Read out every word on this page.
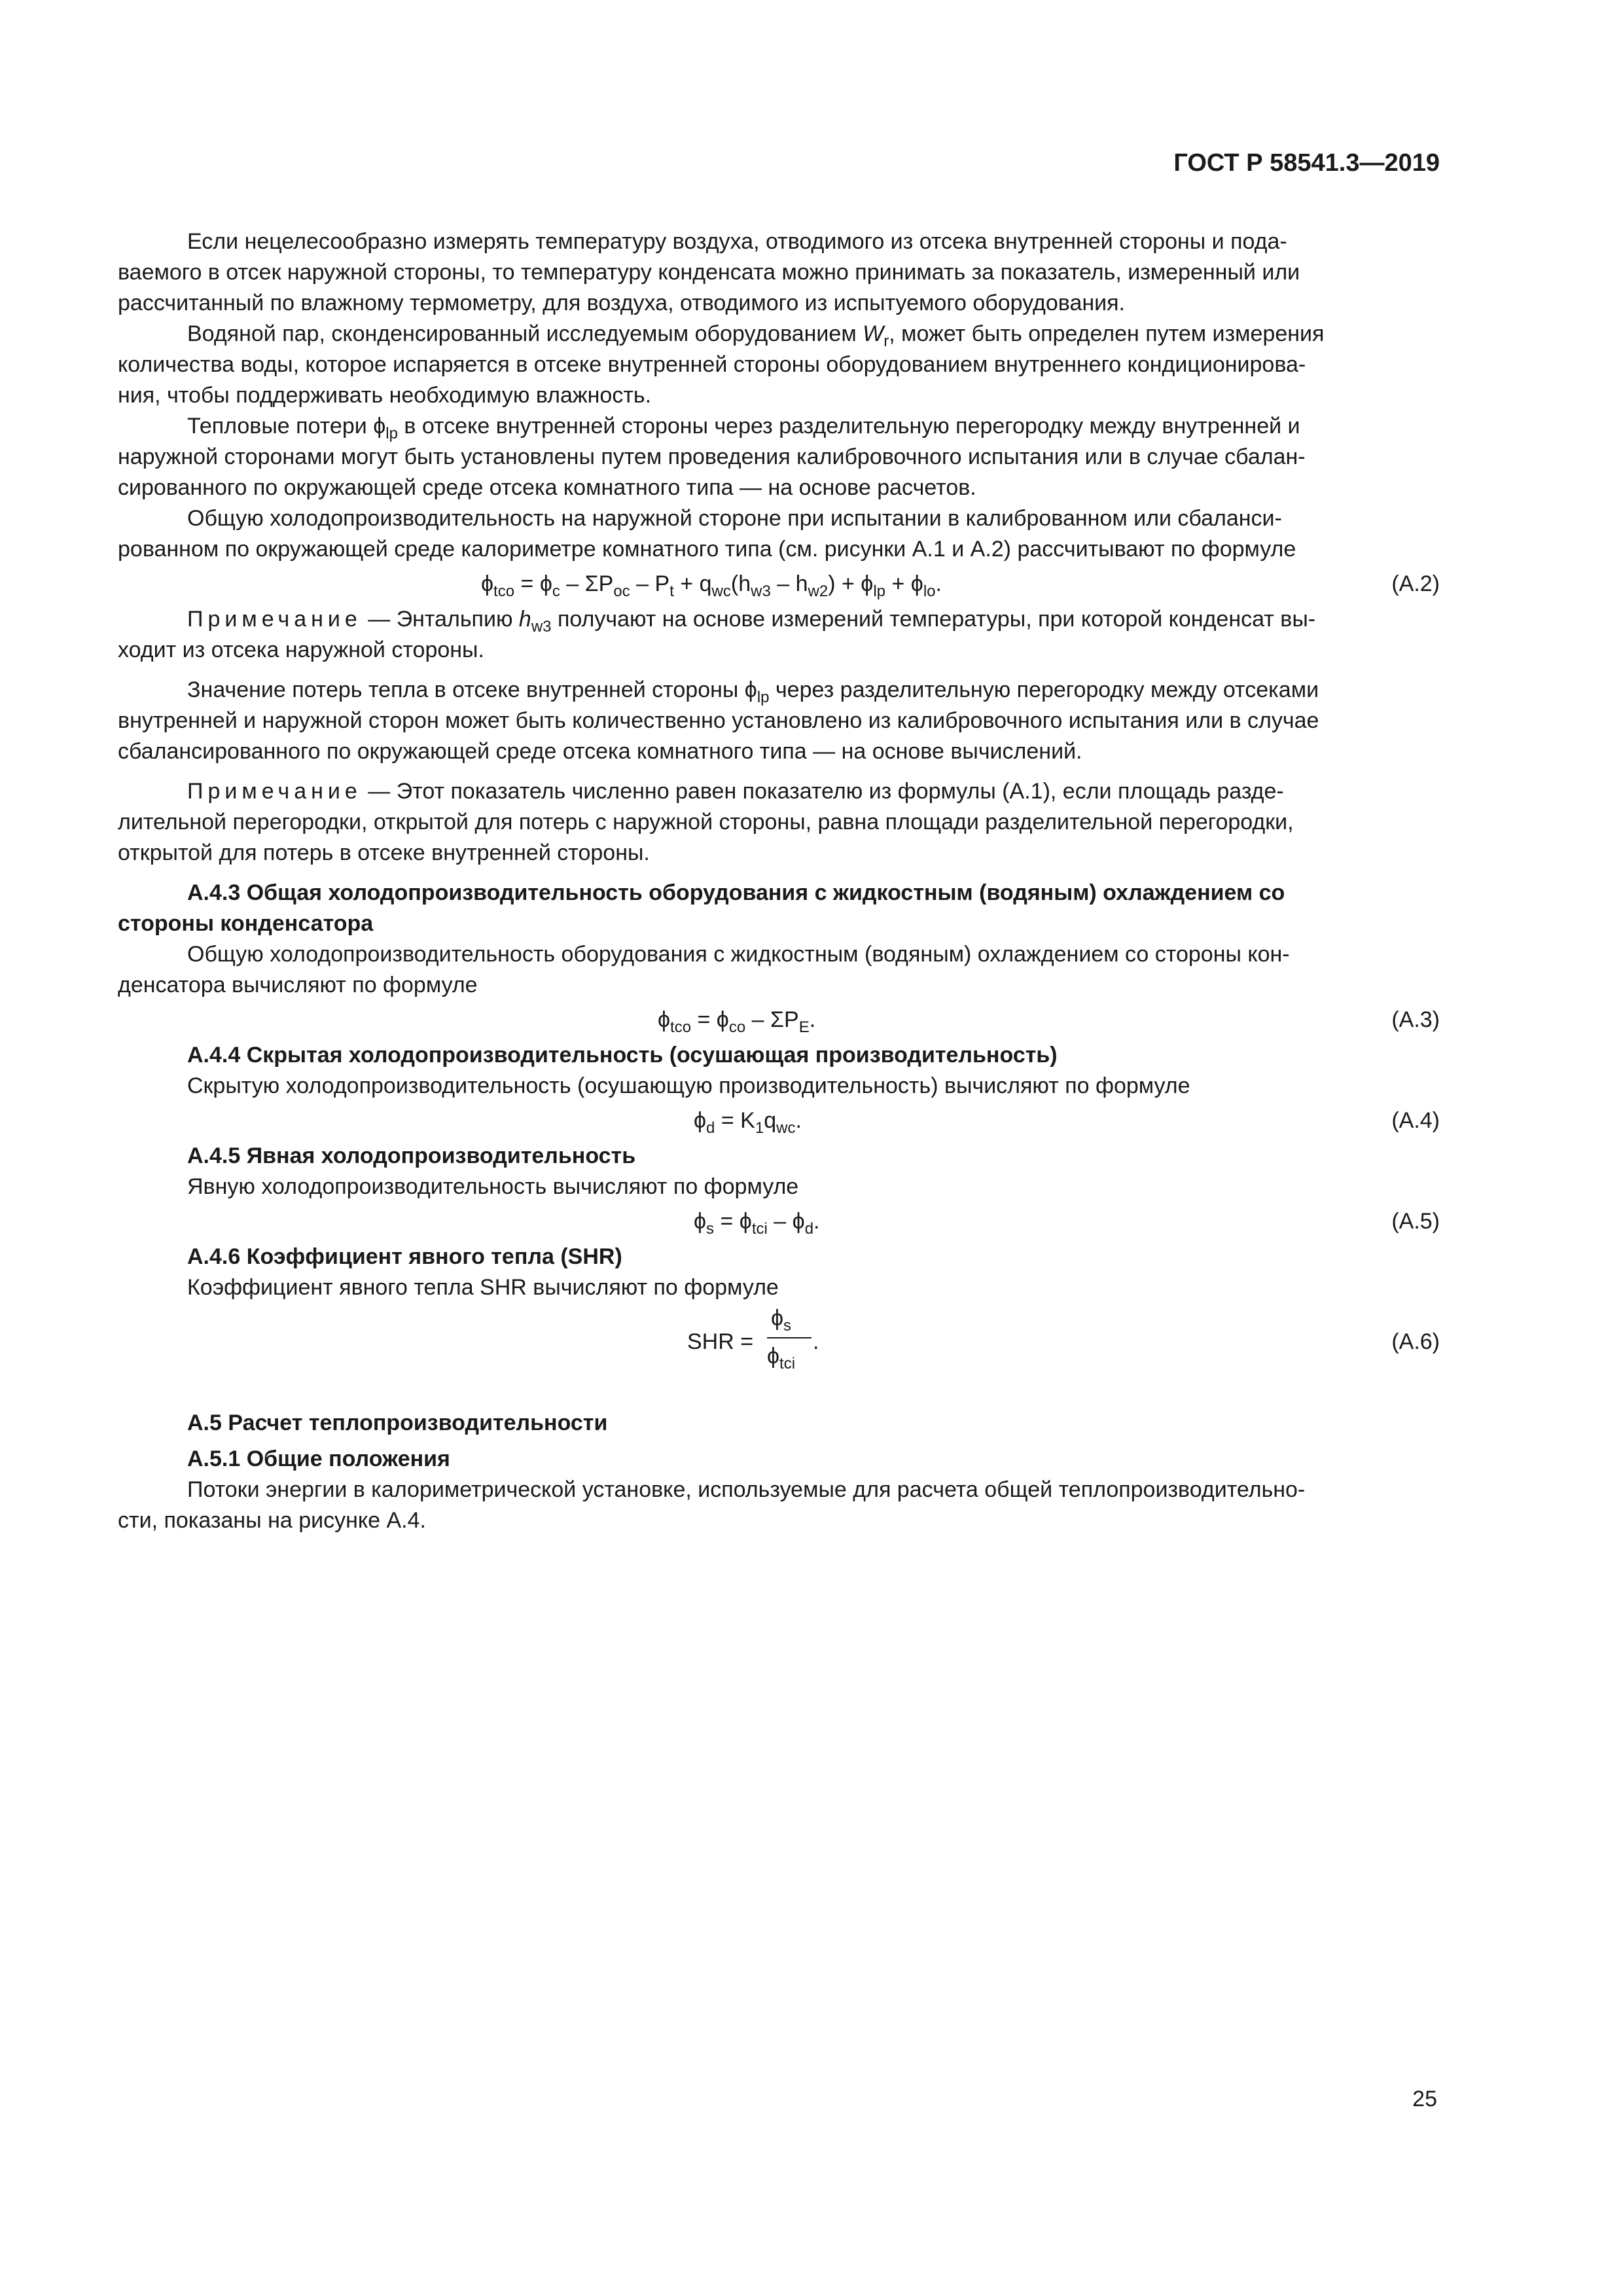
ГОСТ Р 58541.3—2019

Если нецелесообразно измерять температуру воздуха, отводимого из отсека внутренней стороны и пода-
ваемого в отсек наружной стороны, то температуру конденсата можно принимать за показатель, измеренный или
рассчитанный по влажному термометру, для воздуха, отводимого из испытуемого оборудования.

Водяной пар, сконденсированный исследуемым оборудованием $W_r$, может быть определен путем измерения
количества воды, которое испаряется в отсеке внутренней стороны оборудованием внутреннего кондиционирова-
ния, чтобы поддерживать необходимую влажность.

Тепловые потери $\phi_{lp}$ в отсеке внутренней стороны через разделительную перегородку между внутренней и
наружной сторонами могут быть установлены путем проведения калибровочного испытания или в случае сбалан-
сированного по окружающей среде отсека комнатного типа — на основе расчетов.

Общую холодопроизводительность на наружной стороне при испытании в калиброванном или сбаланси-
рованном по окружающей среде калориметре комнатного типа (см. рисунки А.1 и А.2) рассчитывают по формуле

$\phi_{tco} = \phi_c - \Sigma P_{oc} - P_t + q_{wc}(h_{w3} - h_{w2}) + \phi_{lp} + \phi_{lo}$.	(A.2)

Примечание — Энтальпию $h_{w3}$ получают на основе измерений температуры, при которой конденсат вы-
ходит из отсека наружной стороны.

Значение потерь тепла в отсеке внутренней стороны $\phi_{lp}$ через разделительную перегородку между отсеками
внутренней и наружной сторон может быть количественно установлено из калибровочного испытания или в случае
сбалансированного по окружающей среде отсека комнатного типа — на основе вычислений.

Примечание — Этот показатель численно равен показателю из формулы (А.1), если площадь разде-
лительной перегородки, открытой для потерь с наружной стороны, равна площади разделительной перегородки,
открытой для потерь в отсеке внутренней стороны.

А.4.3 Общая холодопроизводительность оборудования с жидкостным (водяным) охлаждением со
стороны конденсатора

Общую холодопроизводительность оборудования с жидкостным (водяным) охлаждением со стороны кон-
денсатора вычисляют по формуле

$\phi_{tco} = \phi_{co} - \Sigma P_E$.	(A.3)

А.4.4 Скрытая холодопроизводительность (осушающая производительность)

Скрытую холодопроизводительность (осушающую производительность) вычисляют по формуле

$\phi_d = K_1q_{wc}$.	(A.4)

А.4.5 Явная холодопроизводительность

Явную холодопроизводительность вычисляют по формуле

$\phi_s = \phi_{tci} - \phi_d$.	(A.5)

А.4.6 Коэффициент явного тепла (SHR)

Коэффициент явного тепла SHR вычисляют по формуле

SHR =
$\phi_s$
$\phi_{tci}$
.	(A.6)

А.5 Расчет теплопроизводительности

А.5.1 Общие положения

Потоки энергии в калориметрической установке, используемые для расчета общей теплопроизводительно-
сти, показаны на рисунке А.4.

25
